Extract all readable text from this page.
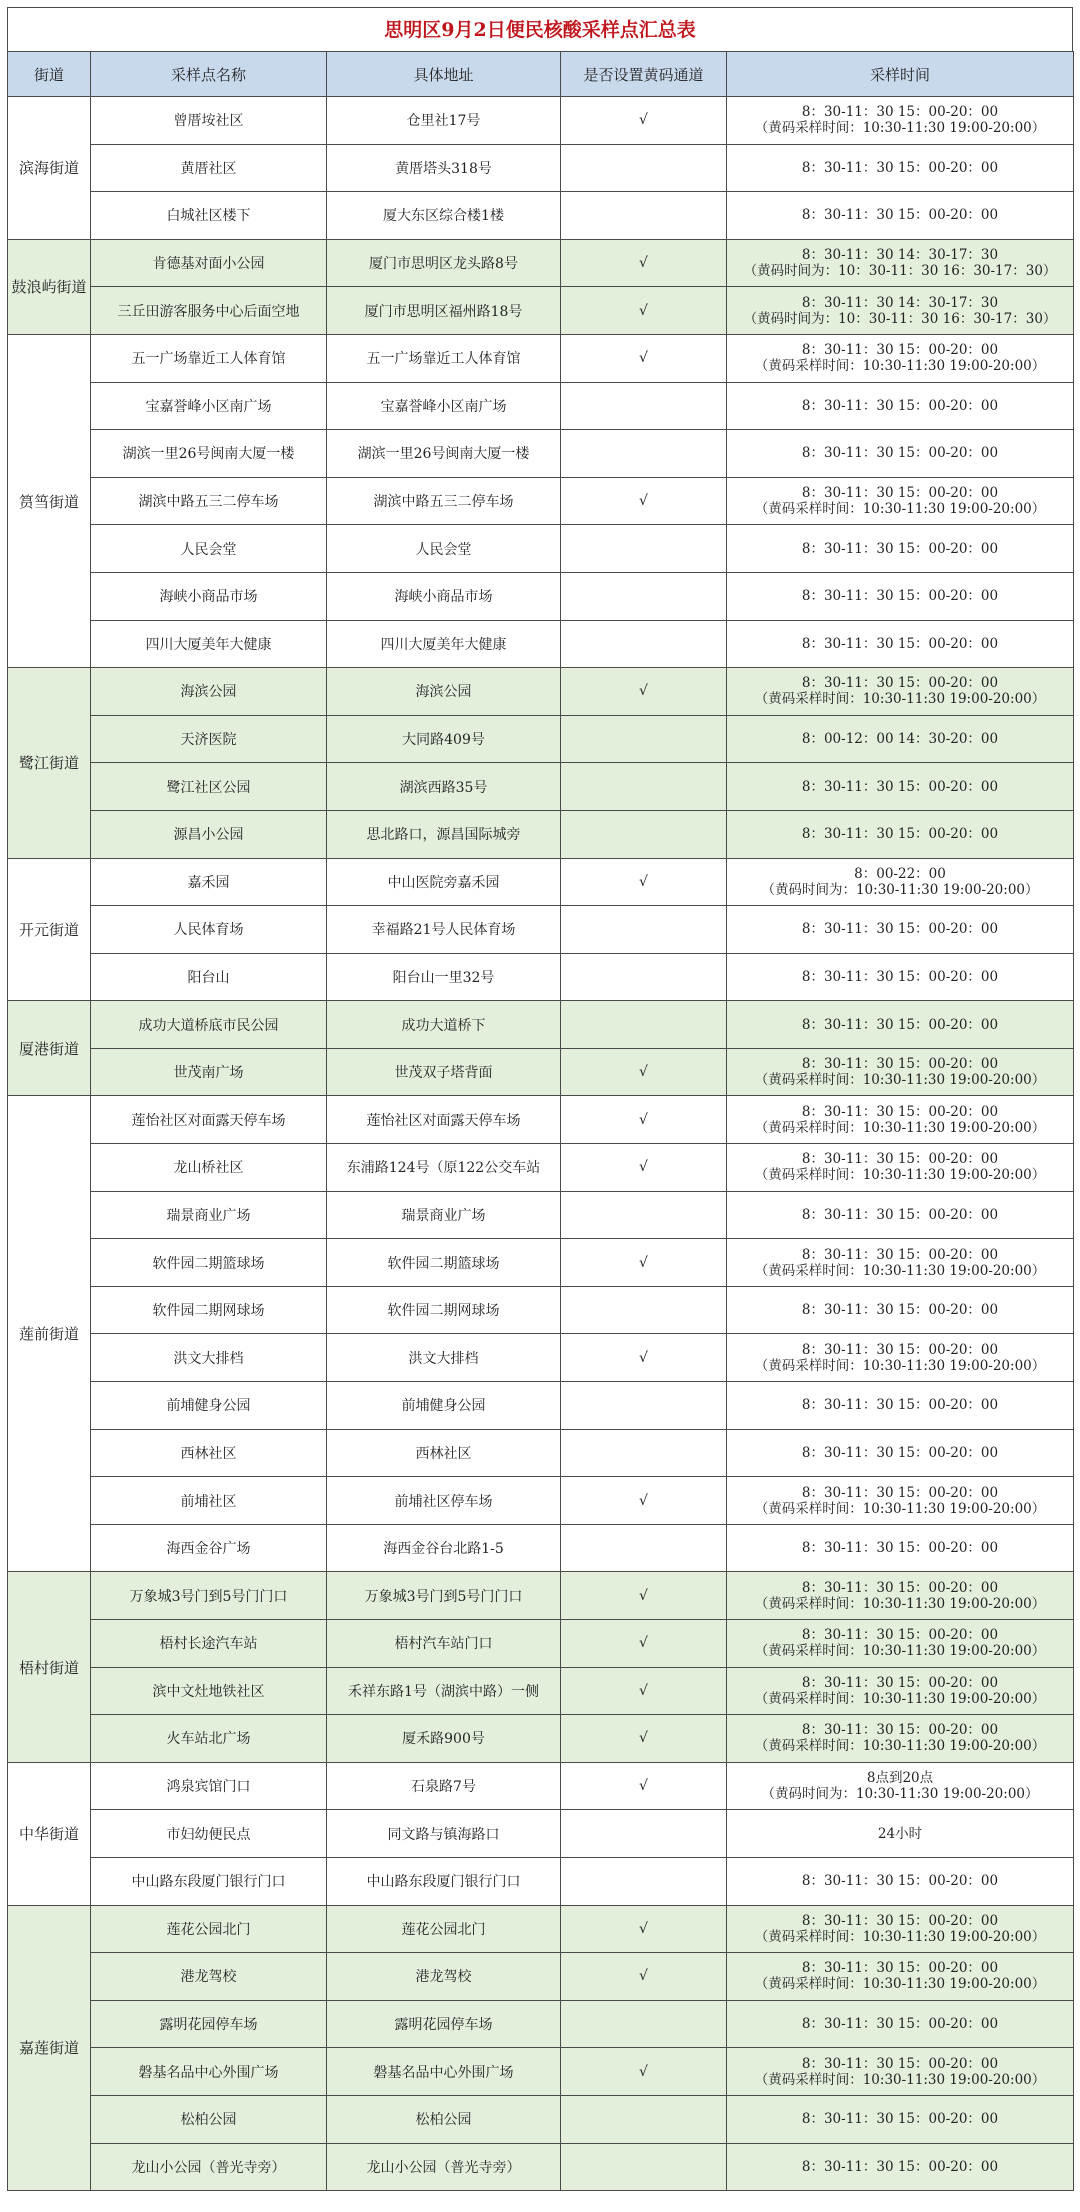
思明区9月2日便民核酸采样点汇总表
街道	采样点名称	具体地址	是否设置黄码通道	采样时间
滨海街道	曾厝垵社区	仓里社17号	√	8：30-11：30 15：00-20：00
（黄码采样时间：10:30-11:30 19:00-20:00）

	黄厝社区	黄厝塔头318号		8：30-11：30 15：00-20：00

	白城社区楼下	厦大东区综合楼1楼		8：30-11：30 15：00-20：00

鼓浪屿街道	肯德基对面小公园	厦门市思明区龙头路8号	√	8：30-11：30 14：30-17：30
（黄码时间为：10：30-11：30 16：30-17：30）

	三丘田游客服务中心后面空地	厦门市思明区福州路18号	√	8：30-11：30 14：30-17：30
（黄码时间为：10：30-11：30 16：30-17：30）

筼筜街道	五一广场靠近工人体育馆	五一广场靠近工人体育馆	√	8：30-11：30 15：00-20：00
（黄码采样时间：10:30-11:30 19:00-20:00）

	宝嘉誉峰小区南广场	宝嘉誉峰小区南广场		8：30-11：30 15：00-20：00

	湖滨一里26号闽南大厦一楼	湖滨一里26号闽南大厦一楼		8：30-11：30 15：00-20：00

	湖滨中路五三二停车场	湖滨中路五三二停车场	√	8：30-11：30 15：00-20：00
（黄码采样时间：10:30-11:30 19:00-20:00）

	人民会堂	人民会堂		8：30-11：30 15：00-20：00

	海峡小商品市场	海峡小商品市场		8：30-11：30 15：00-20：00

	四川大厦美年大健康	四川大厦美年大健康		8：30-11：30 15：00-20：00

鹭江街道	海滨公园	海滨公园	√	8：30-11：30 15：00-20：00
（黄码采样时间：10:30-11:30 19:00-20:00）

	天济医院	大同路409号		8：00-12：00 14：30-20：00

	鹭江社区公园	湖滨西路35号		8：30-11：30 15：00-20：00

	源昌小公园	思北路口，源昌国际城旁		8：30-11：30 15：00-20：00

开元街道	嘉禾园	中山医院旁嘉禾园	√	8：00-22：00
（黄码时间为：10:30-11:30 19:00-20:00）

	人民体育场	幸福路21号人民体育场		8：30-11：30 15：00-20：00

	阳台山	阳台山一里32号		8：30-11：30 15：00-20：00

厦港街道	成功大道桥底市民公园	成功大道桥下		8：30-11：30 15：00-20：00

	世茂南广场	世茂双子塔背面	√	8：30-11：30 15：00-20：00
（黄码采样时间：10:30-11:30 19:00-20:00）

莲前街道	莲怡社区对面露天停车场	莲怡社区对面露天停车场	√	8：30-11：30 15：00-20：00
（黄码采样时间：10:30-11:30 19:00-20:00）

	龙山桥社区	东浦路124号（原122公交车站	√	8：30-11：30 15：00-20：00
（黄码采样时间：10:30-11:30 19:00-20:00）

	瑞景商业广场	瑞景商业广场		8：30-11：30 15：00-20：00

	软件园二期篮球场	软件园二期篮球场	√	8：30-11：30 15：00-20：00
（黄码采样时间：10:30-11:30 19:00-20:00）

	软件园二期网球场	软件园二期网球场		8：30-11：30 15：00-20：00

	洪文大排档	洪文大排档	√	8：30-11：30 15：00-20：00
（黄码采样时间：10:30-11:30 19:00-20:00）

	前埔健身公园	前埔健身公园		8：30-11：30 15：00-20：00

	西林社区	西林社区		8：30-11：30 15：00-20：00

	前埔社区	前埔社区停车场	√	8：30-11：30 15：00-20：00
（黄码采样时间：10:30-11:30 19:00-20:00）

	海西金谷广场	海西金谷台北路1-5		8：30-11：30 15：00-20：00

梧村街道	万象城3号门到5号门门口	万象城3号门到5号门门口	√	8：30-11：30 15：00-20：00
（黄码采样时间：10:30-11:30 19:00-20:00）

	梧村长途汽车站	梧村汽车站门口	√	8：30-11：30 15：00-20：00
（黄码采样时间：10:30-11:30 19:00-20:00）

	滨中文灶地铁社区	禾祥东路1号（湖滨中路）一侧	√	8：30-11：30 15：00-20：00
（黄码采样时间：10:30-11:30 19:00-20:00）

	火车站北广场	厦禾路900号	√	8：30-11：30 15：00-20：00
（黄码采样时间：10:30-11:30 19:00-20:00）

中华街道	鸿泉宾馆门口	石泉路7号	√	8点到20点
（黄码时间为：10:30-11:30 19:00-20:00）

	市妇幼便民点	同文路与镇海路口		24小时

	中山路东段厦门银行门口	中山路东段厦门银行门口		8：30-11：30 15：00-20：00

嘉莲街道	莲花公园北门	莲花公园北门	√	8：30-11：30 15：00-20：00
（黄码采样时间：10:30-11:30 19:00-20:00）

	港龙驾校	港龙驾校	√	8：30-11：30 15：00-20：00
（黄码采样时间：10:30-11:30 19:00-20:00）

	露明花园停车场	露明花园停车场		8：30-11：30 15：00-20：00

	磐基名品中心外围广场	磐基名品中心外围广场	√	8：30-11：30 15：00-20：00
（黄码采样时间：10:30-11:30 19:00-20:00）

	松柏公园	松柏公园		8：30-11：30 15：00-20：00

	龙山小公园（普光寺旁）	龙山小公园（普光寺旁）		8：30-11：30 15：00-20：00
